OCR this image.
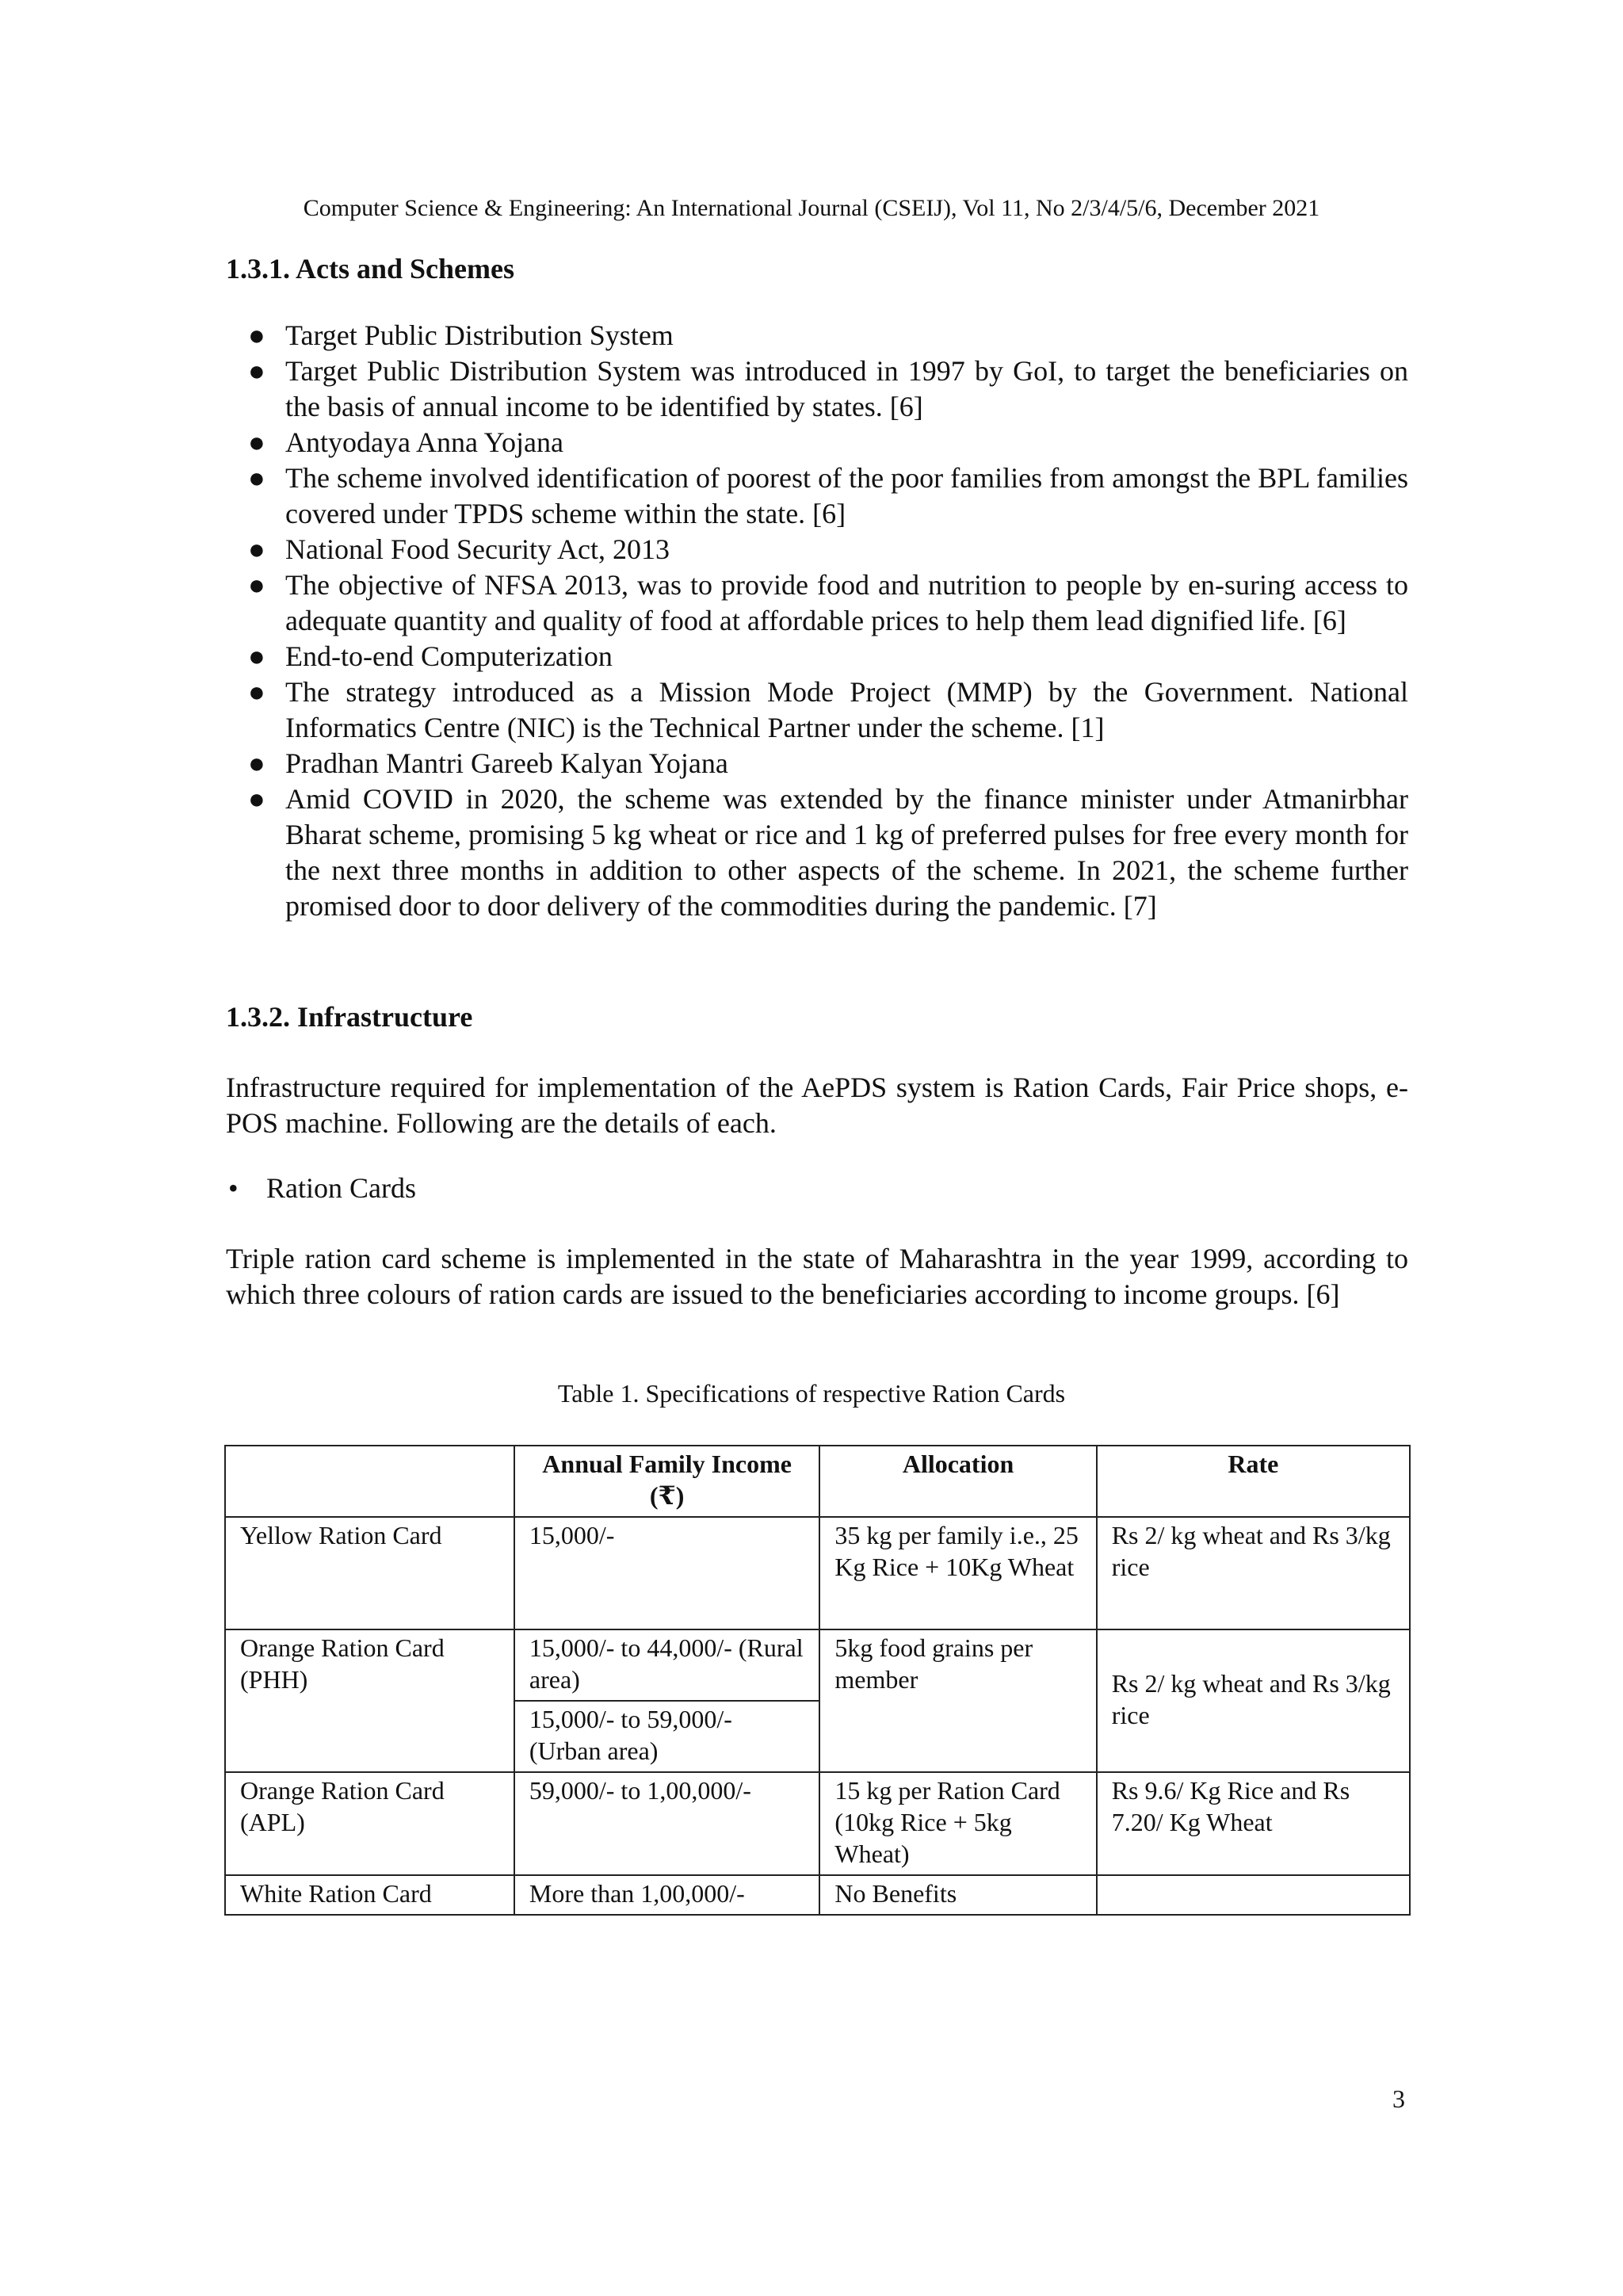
Computer Science & Engineering: An International Journal (CSEIJ), Vol 11, No 2/3/4/5/6, December 2021
1.3.1. Acts and Schemes
● Target Public Distribution System
● Target Public Distribution System was introduced in 1997 by GoI, to target the beneficiaries on the basis of annual income to be identified by states. [6]
● Antyodaya Anna Yojana
● The scheme involved identification of poorest of the poor families from amongst the BPL families covered under TPDS scheme within the state. [6]
● National Food Security Act, 2013
● The objective of NFSA 2013, was to provide food and nutrition to people by en-suring access to adequate quantity and quality of food at affordable prices to help them lead dignified life. [6]
● End-to-end Computerization
● The strategy introduced as a Mission Mode Project (MMP) by the Government. National Informatics Centre (NIC) is the Technical Partner under the scheme. [1]
● Pradhan Mantri Gareeb Kalyan Yojana
● Amid COVID in 2020, the scheme was extended by the finance minister under Atmanirbhar Bharat scheme, promising 5 kg wheat or rice and 1 kg of preferred pulses for free every month for the next three months in addition to other aspects of the scheme. In 2021, the scheme further promised door to door delivery of the commodities during the pandemic. [7]
1.3.2. Infrastructure
Infrastructure required for implementation of the AePDS system is Ration Cards, Fair Price shops, e-POS machine. Following are the details of each.
• Ration Cards
Triple ration card scheme is implemented in the state of Maharashtra in the year 1999, according to which three colours of ration cards are issued to the beneficiaries according to income groups. [6]
Table 1. Specifications of respective Ration Cards
	Annual Family Income (₹)	Allocation	Rate
Yellow Ration Card	15,000/-	35 kg per family i.e., 25 Kg Rice + 10Kg Wheat	Rs 2/ kg wheat and Rs 3/kg rice
Orange Ration Card (PHH)	15,000/- to 44,000/- (Rural area)	5kg food grains per member	Rs 2/ kg wheat and Rs 3/kg rice
	15,000/- to 59,000/- (Urban area)		
Orange Ration Card (APL)	59,000/- to 1,00,000/-	15 kg per Ration Card (10kg Rice + 5kg Wheat)	Rs 9.6/ Kg Rice and Rs 7.20/ Kg Wheat
White Ration Card	More than 1,00,000/-	No Benefits	
3
